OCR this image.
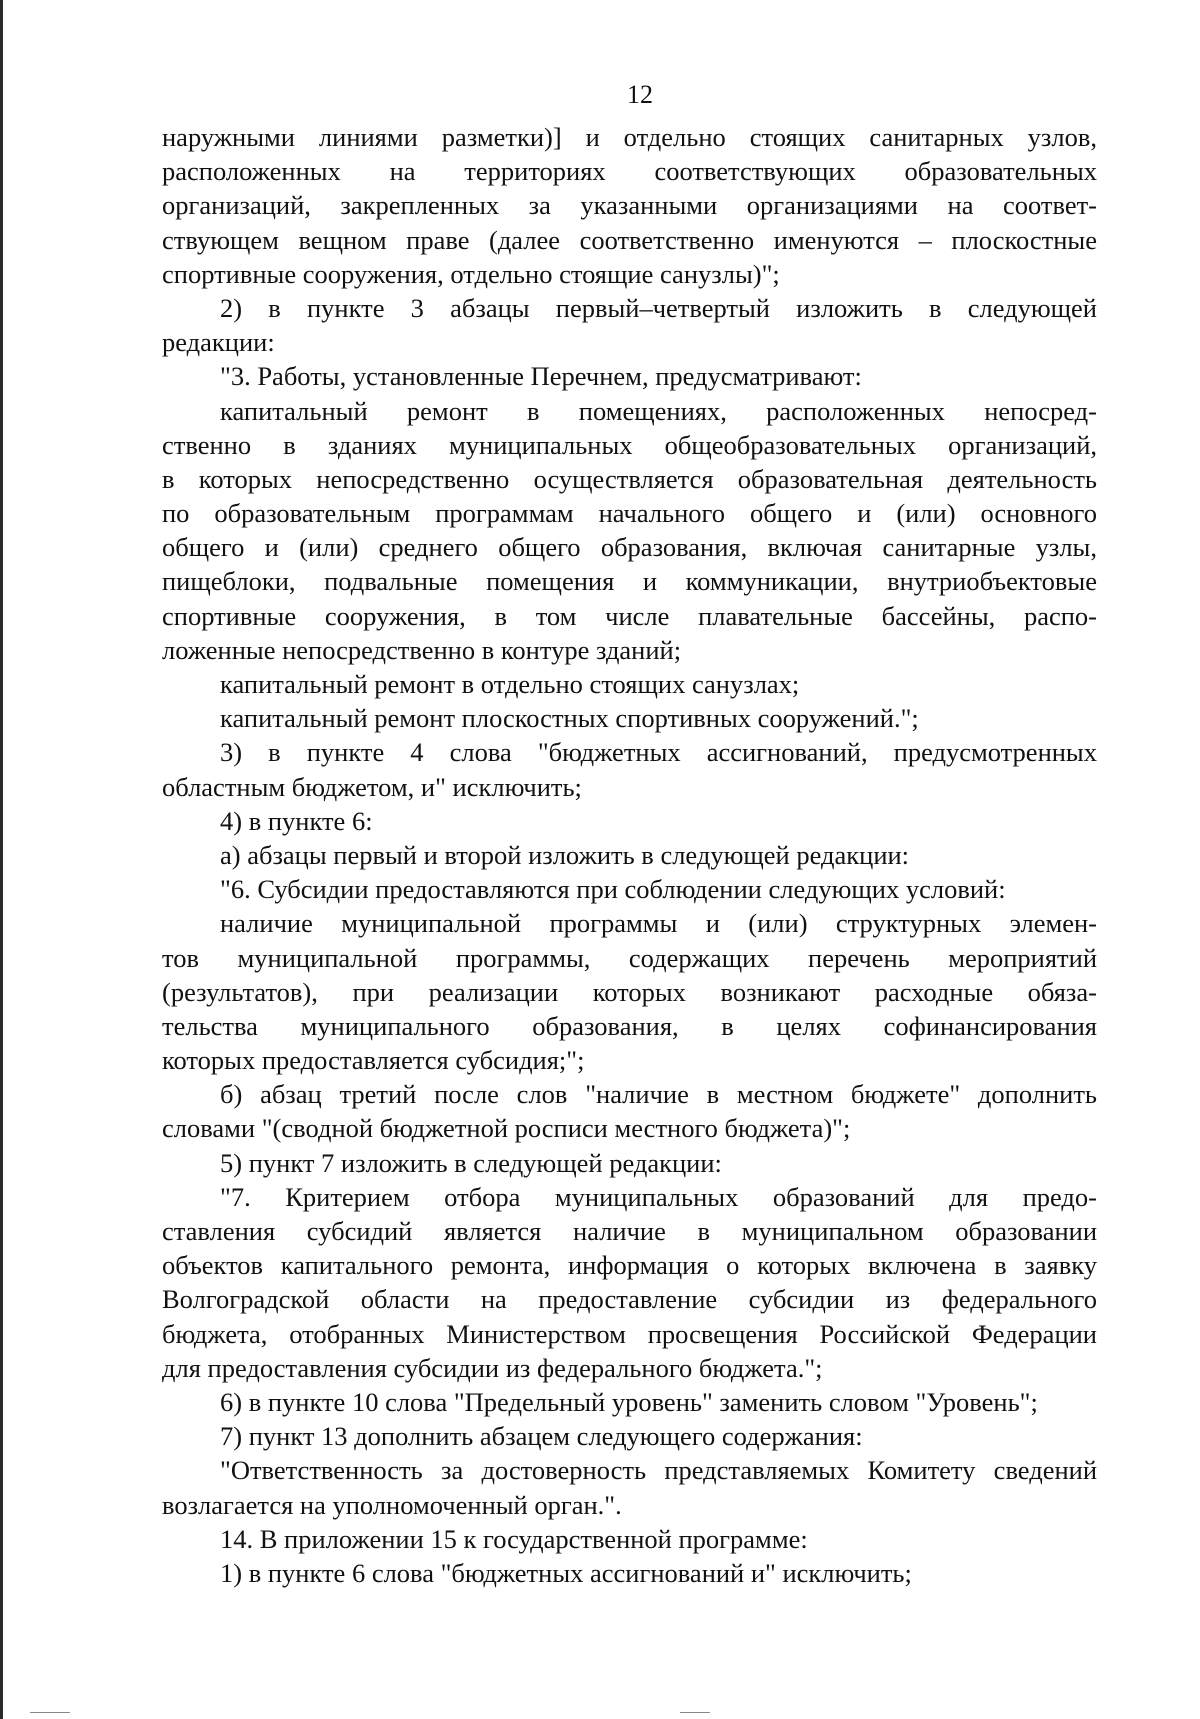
12
наружными линиями разметки)] и отдельно стоящих санитарных узлов,
расположенных на территориях соответствующих образовательных
организаций, закрепленных за указанными организациями на соответ-
ствующем вещном праве (далее соответственно именуются – плоскостные
спортивные сооружения, отдельно стоящие санузлы)";
2) в пункте 3 абзацы первый–четвертый изложить в следующей
редакции:
"3. Работы, установленные Перечнем, предусматривают:
капитальный ремонт в помещениях, расположенных непосред-
ственно в зданиях муниципальных общеобразовательных организаций,
в которых непосредственно осуществляется образовательная деятельность
по образовательным программам начального общего и (или) основного
общего и (или) среднего общего образования, включая санитарные узлы,
пищеблоки, подвальные помещения и коммуникации, внутриобъектовые
спортивные сооружения, в том числе плавательные бассейны, распо-
ложенные непосредственно в контуре зданий;
капитальный ремонт в отдельно стоящих санузлах;
капитальный ремонт плоскостных спортивных сооружений.";
3) в пункте 4 слова "бюджетных ассигнований, предусмотренных
областным бюджетом, и" исключить;
4) в пункте 6:
а) абзацы первый и второй изложить в следующей редакции:
"6. Субсидии предоставляются при соблюдении следующих условий:
наличие муниципальной программы и (или) структурных элемен-
тов муниципальной программы, содержащих перечень мероприятий
(результатов), при реализации которых возникают расходные обяза-
тельства муниципального образования, в целях софинансирования
которых предоставляется субсидия;";
б) абзац третий после слов "наличие в местном бюджете" дополнить
словами "(сводной бюджетной росписи местного бюджета)";
5) пункт 7 изложить в следующей редакции:
"7. Критерием отбора муниципальных образований для предо-
ставления субсидий является наличие в муниципальном образовании
объектов капитального ремонта, информация о которых включена в заявку
Волгоградской области на предоставление субсидии из федерального
бюджета, отобранных Министерством просвещения Российской Федерации
для предоставления субсидии из федерального бюджета.";
6) в пункте 10 слова "Предельный уровень" заменить словом "Уровень";
7) пункт 13 дополнить абзацем следующего содержания:
"Ответственность за достоверность представляемых Комитету сведений
возлагается на уполномоченный орган.".
14. В приложении 15 к государственной программе:
1) в пункте 6 слова "бюджетных ассигнований и" исключить;
